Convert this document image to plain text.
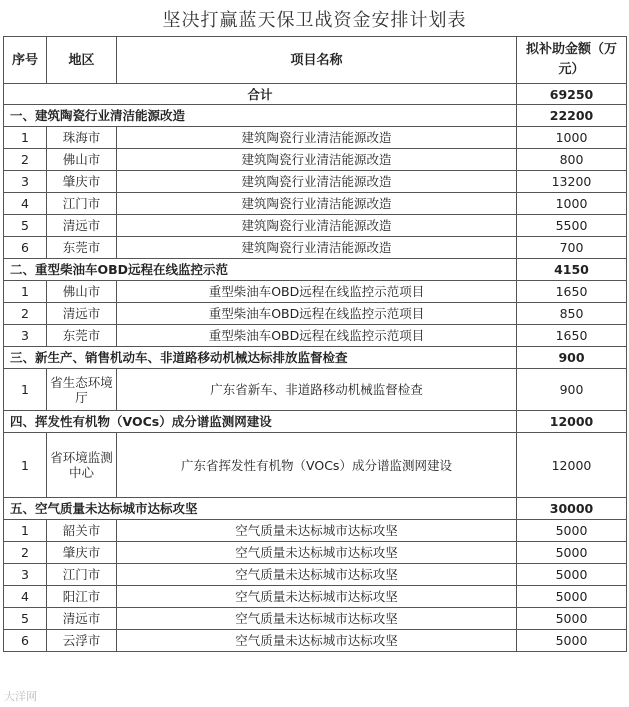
坚决打赢蓝天保卫战资金安排计划表
序号	地区	项目名称	拟补助金额（万元）
合计			69250
一、建筑陶瓷行业清洁能源改造			22200
1	珠海市	建筑陶瓷行业清洁能源改造	1000
2	佛山市	建筑陶瓷行业清洁能源改造	800
3	肇庆市	建筑陶瓷行业清洁能源改造	13200
4	江门市	建筑陶瓷行业清洁能源改造	1000
5	清远市	建筑陶瓷行业清洁能源改造	5500
6	东莞市	建筑陶瓷行业清洁能源改造	700
二、重型柴油车OBD远程在线监控示范			4150
1	佛山市	重型柴油车OBD远程在线监控示范项目	1650
2	清远市	重型柴油车OBD远程在线监控示范项目	850
3	东莞市	重型柴油车OBD远程在线监控示范项目	1650
三、新生产、销售机动车、非道路移动机械达标排放监督检查			900
1	省生态环境厅	广东省新车、非道路移动机械监督检查	900
四、挥发性有机物（VOCs）成分谱监测网建设			12000
1	省环境监测中心	广东省挥发性有机物（VOCs）成分谱监测网建设	12000
五、空气质量未达标城市达标攻坚			30000
1	韶关市	空气质量未达标城市达标攻坚	5000
2	肇庆市	空气质量未达标城市达标攻坚	5000
3	江门市	空气质量未达标城市达标攻坚	5000
4	阳江市	空气质量未达标城市达标攻坚	5000
5	清远市	空气质量未达标城市达标攻坚	5000
6	云浮市	空气质量未达标城市达标攻坚	5000
大洋网
